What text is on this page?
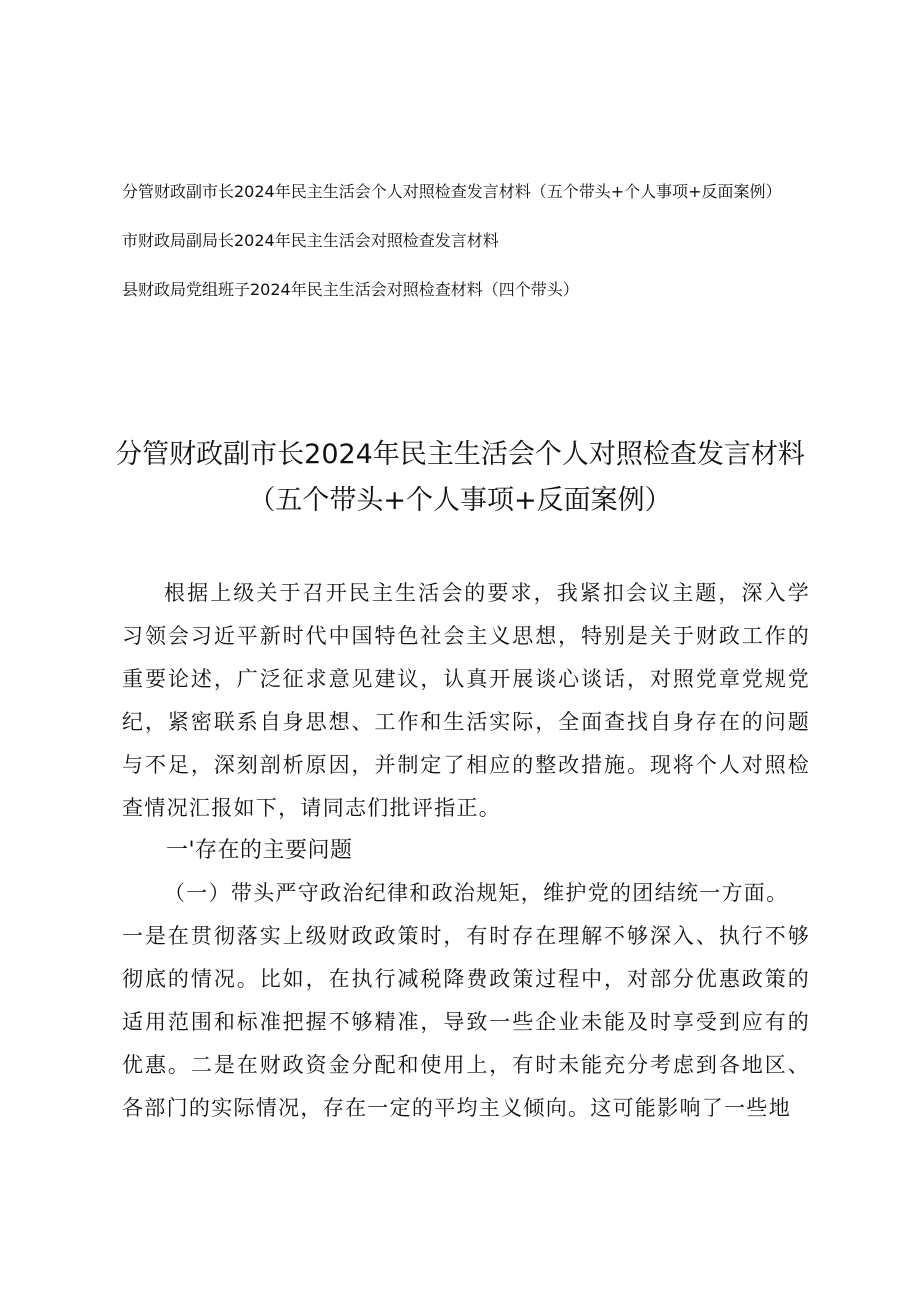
分管财政副市长2024年民主生活会个人对照检查发言材料（五个带头+个人事项+反面案例）
市财政局副局长2024年民主生活会对照检查发言材料
县财政局党组班子2024年民主生活会对照检查材料（四个带头）
分管财政副市长2024年民主生活会个人对照检查发言材料
（五个带头+个人事项+反面案例）

根据上级关于召开民主生活会的要求，我紧扣会议主题，深入学习领会习近平新时代中国特色社会主义思想，特别是关于财政工作的重要论述，广泛征求意见建议，认真开展谈心谈话，对照党章党规党纪，紧密联系自身思想、工作和生活实际，全面查找自身存在的问题与不足，深刻剖析原因，并制定了相应的整改措施。现将个人对照检查情况汇报如下，请同志们批评指正。

一'存在的主要问题

（一）带头严守政治纪律和政治规矩，维护党的团结统一方面。一是在贯彻落实上级财政政策时，有时存在理解不够深入、执行不够彻底的情况。比如，在执行减税降费政策过程中，对部分优惠政策的适用范围和标准把握不够精准，导致一些企业未能及时享受到应有的优惠。二是在财政资金分配和使用上，有时未能充分考虑到各地区、各部门的实际情况，存在一定的平均主义倾向。这可能影响了一些地
